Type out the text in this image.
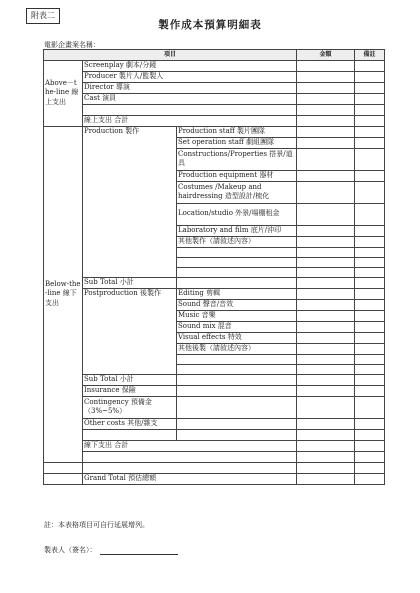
附表二
製作成本預算明細表
電影企畫案名稱：
項目			金額	備註
Above－the-line 線上支出	Screenplay 劇本/分鏡			
	Producer 製片人/監製人			
	Director 導演			
	Cast 演員			

	線上支出 合計			
Below-the-line 線下支出	Production 製作	Production staff 製片團隊		
		Set operation staff 劇組團隊		
		Constructions/Properties 搭景/道具		
		Production equipment 器材		
		Costumes /Makeup and hairdressing 造型設計/梳化		
		Location/studio 外景/場棚租金		
		Laboratory and film 底片/沖印		
		其他製作（請敘述內容）		

	Sub Total 小計			
	Postproduction 後製作	Editing 剪輯		
		Sound 聲音/音效		
		Music 音樂		
		Sound mix 混音		
		Visual effects 特效		
		其他後製（請敘述內容）		

	Sub Total 小計			
	Insurance 保險			
	Contingency 預備金（3%~5%）			
	Other costs 其他/雜支			

	線下支出 合計			

	Grand Total 預估總額			
註：本表格項目可自行延展增列。
製表人（簽名）：
